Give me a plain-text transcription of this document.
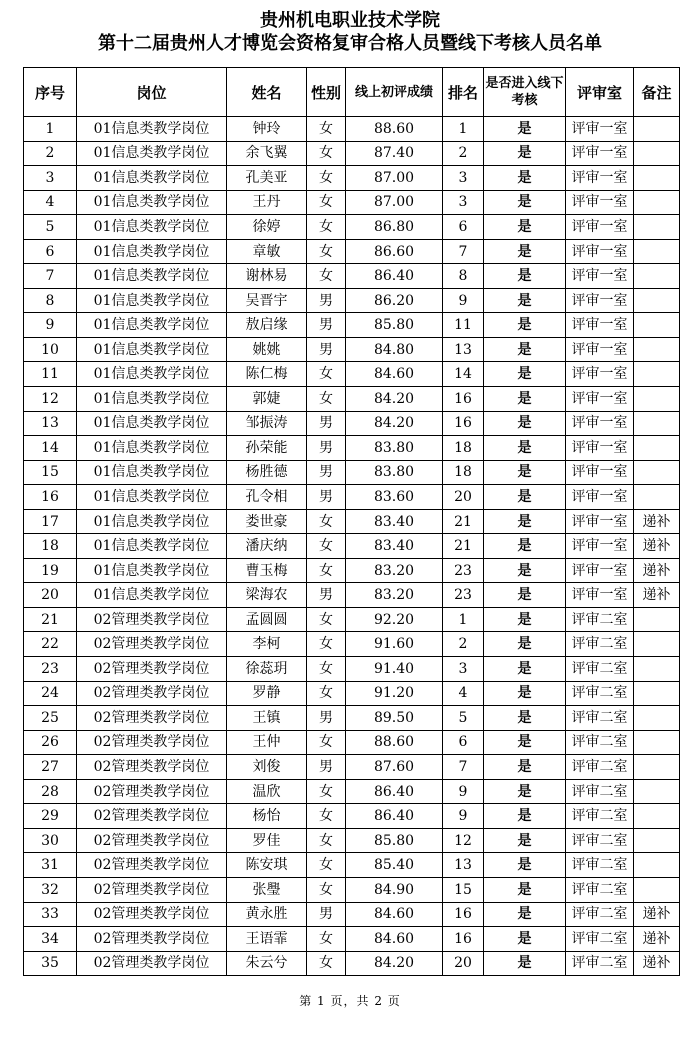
贵州机电职业技术学院
第十二届贵州人才博览会资格复审合格人员暨线下考核人员名单
序号	岗位	姓名	性别	线上初评成绩	排名	是否进入线下考核	评审室	备注
1	01信息类教学岗位	钟玲	女	88.60	1	是	评审一室	
2	01信息类教学岗位	余飞翼	女	87.40	2	是	评审一室	
3	01信息类教学岗位	孔美亚	女	87.00	3	是	评审一室	
4	01信息类教学岗位	王丹	女	87.00	3	是	评审一室	
5	01信息类教学岗位	徐婷	女	86.80	6	是	评审一室	
6	01信息类教学岗位	章敏	女	86.60	7	是	评审一室	
7	01信息类教学岗位	谢林易	女	86.40	8	是	评审一室	
8	01信息类教学岗位	吴晋宇	男	86.20	9	是	评审一室	
9	01信息类教学岗位	敖启缘	男	85.80	11	是	评审一室	
10	01信息类教学岗位	姚姚	男	84.80	13	是	评审一室	
11	01信息类教学岗位	陈仁梅	女	84.60	14	是	评审一室	
12	01信息类教学岗位	郭婕	女	84.20	16	是	评审一室	
13	01信息类教学岗位	邹振涛	男	84.20	16	是	评审一室	
14	01信息类教学岗位	孙荣能	男	83.80	18	是	评审一室	
15	01信息类教学岗位	杨胜德	男	83.80	18	是	评审一室	
16	01信息类教学岗位	孔令相	男	83.60	20	是	评审一室	
17	01信息类教学岗位	娄世豪	女	83.40	21	是	评审一室	递补
18	01信息类教学岗位	潘庆纳	女	83.40	21	是	评审一室	递补
19	01信息类教学岗位	曹玉梅	女	83.20	23	是	评审一室	递补
20	01信息类教学岗位	梁海农	男	83.20	23	是	评审一室	递补
21	02管理类教学岗位	孟圆圆	女	92.20	1	是	评审二室	
22	02管理类教学岗位	李柯	女	91.60	2	是	评审二室	
23	02管理类教学岗位	徐蕊玥	女	91.40	3	是	评审二室	
24	02管理类教学岗位	罗静	女	91.20	4	是	评审二室	
25	02管理类教学岗位	王镇	男	89.50	5	是	评审二室	
26	02管理类教学岗位	王仲	女	88.60	6	是	评审二室	
27	02管理类教学岗位	刘俊	男	87.60	7	是	评审二室	
28	02管理类教学岗位	温欣	女	86.40	9	是	评审二室	
29	02管理类教学岗位	杨怡	女	86.40	9	是	评审二室	
30	02管理类教学岗位	罗佳	女	85.80	12	是	评审二室	
31	02管理类教学岗位	陈安琪	女	85.40	13	是	评审二室	
32	02管理类教学岗位	张璺	女	84.90	15	是	评审二室	
33	02管理类教学岗位	黄永胜	男	84.60	16	是	评审二室	递补
34	02管理类教学岗位	王语霏	女	84.60	16	是	评审二室	递补
35	02管理类教学岗位	朱云兮	女	84.20	20	是	评审二室	递补
第 1 页，共 2 页
